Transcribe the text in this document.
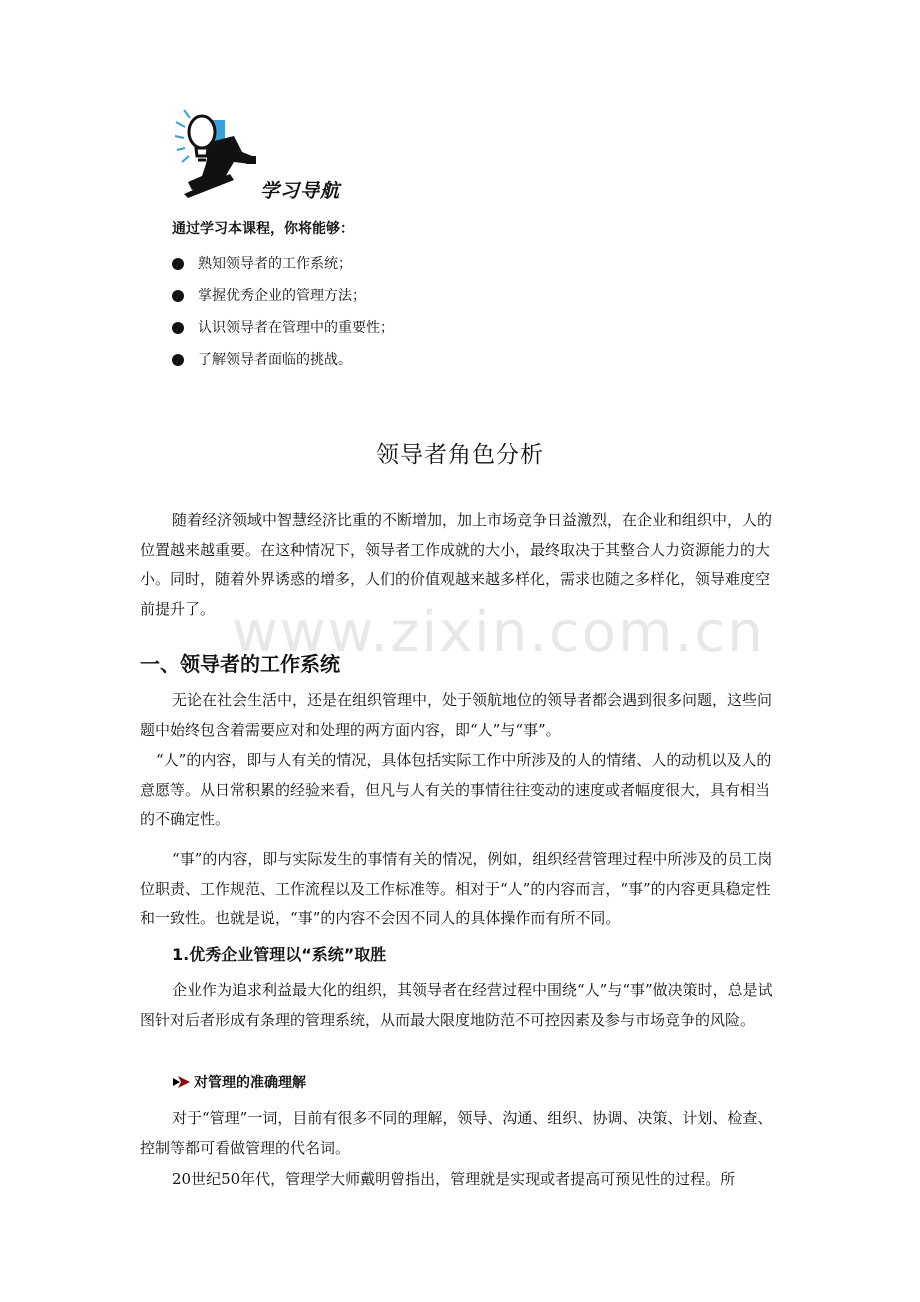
学习导航
通过学习本课程，你将能够：
熟知领导者的工作系统；
掌握优秀企业的管理方法；
认识领导者在管理中的重要性；
了解领导者面临的挑战。
领导者角色分析

随着经济领域中智慧经济比重的不断增加，加上市场竞争日益激烈，在企业和组织中，人的位置越来越重要。在这种情况下，领导者工作成就的大小，最终取决于其整合人力资源能力的大小。同时，随着外界诱惑的增多，人们的价值观越来越多样化，需求也随之多样化，领导难度空前提升了。 www.zixin.com.cn
一、领导者的工作系统

无论在社会生活中，还是在组织管理中，处于领航地位的领导者都会遇到很多问题，这些问题中始终包含着需要应对和处理的两方面内容，即“人”与“事”。

“人”的内容，即与人有关的情况，具体包括实际工作中所涉及的人的情绪、人的动机以及人的意愿等。从日常积累的经验来看，但凡与人有关的事情往往变动的速度或者幅度很大，具有相当的不确定性。

“事”的内容，即与实际发生的事情有关的情况，例如，组织经营管理过程中所涉及的员工岗位职责、工作规范、工作流程以及工作标准等。相对于“人”的内容而言，“事”的内容更具稳定性和一致性。也就是说，“事”的内容不会因不同人的具体操作而有所不同。

1.优秀企业管理以“系统”取胜

企业作为追求利益最大化的组织，其领导者在经营过程中围绕“人”与“事”做决策时，总是试图针对后者形成有条理的管理系统，从而最大限度地防范不可控因素及参与市场竞争的风险。

对管理的准确理解

对于“管理”一词，目前有很多不同的理解，领导、沟通、组织、协调、决策、计划、检查、控制等都可看做管理的代名词。

20世纪50年代，管理学大师戴明曾指出，管理就是实现或者提高可预见性的过程。所
